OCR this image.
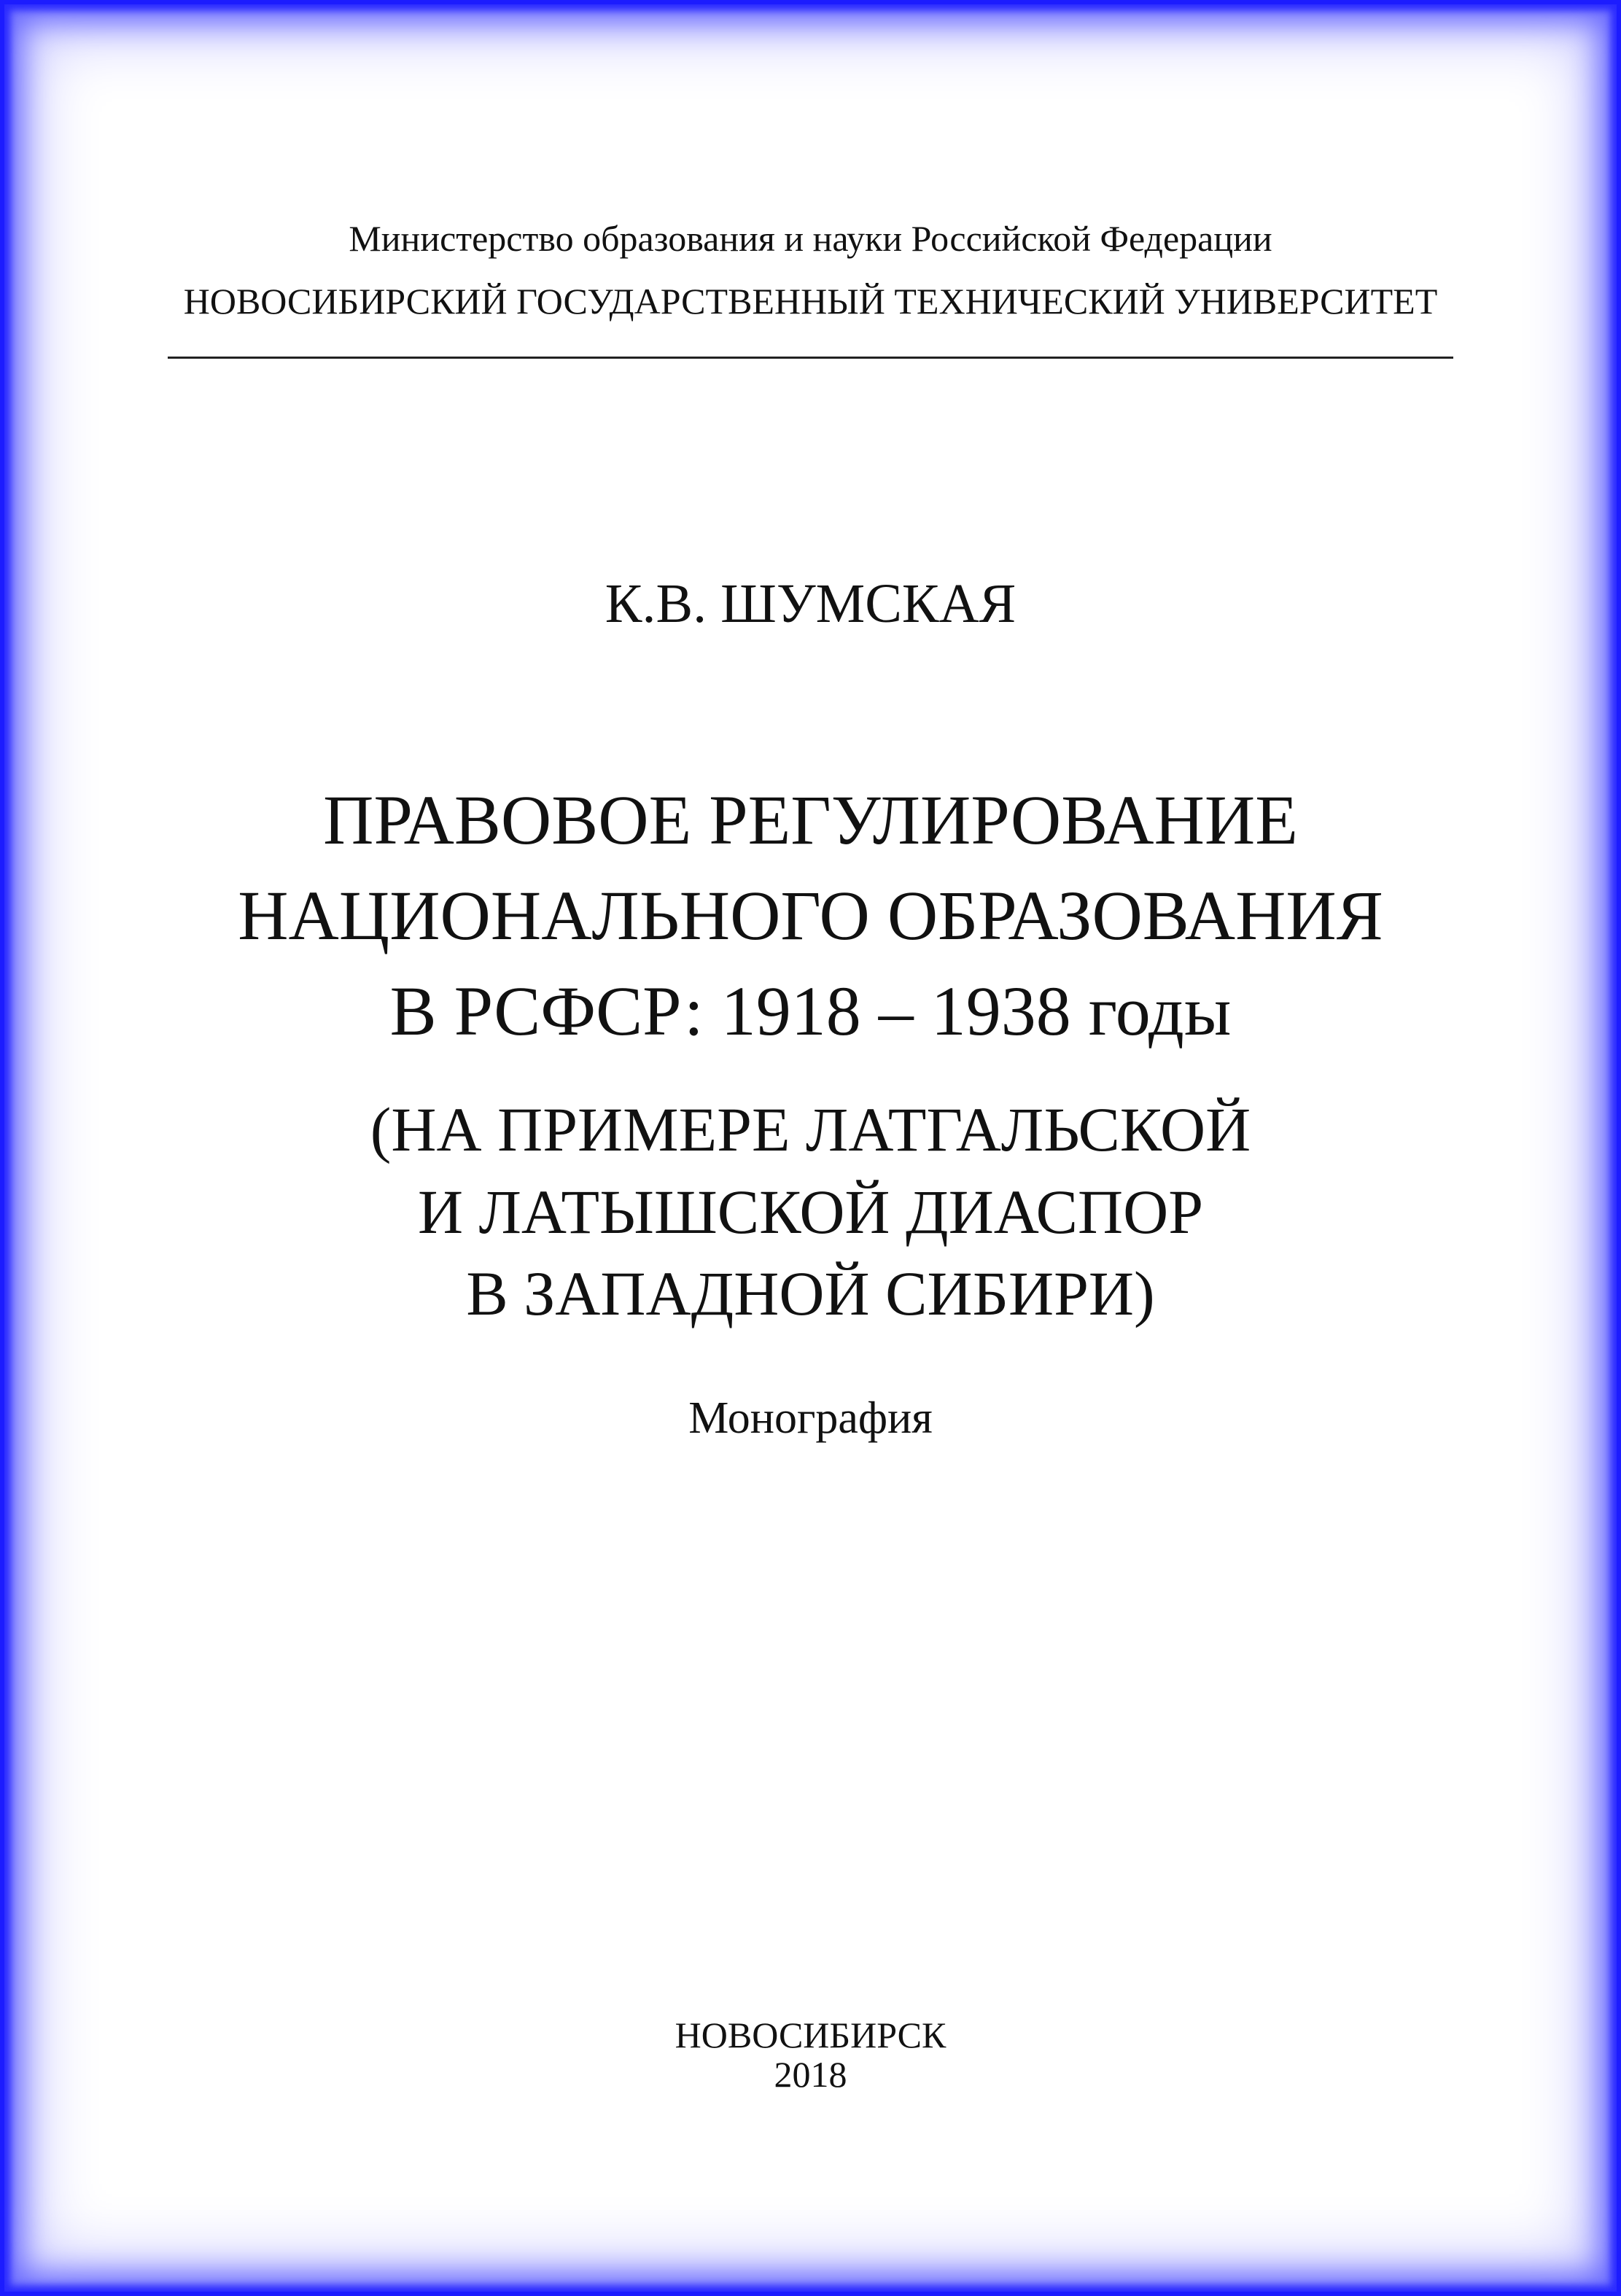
Министерство образования и науки Российской Федерации
НОВОСИБИРСКИЙ ГОСУДАРСТВЕННЫЙ ТЕХНИЧЕСКИЙ УНИВЕРСИТЕТ
К.В. ШУМСКАЯ
ПРАВОВОЕ РЕГУЛИРОВАНИЕ
НАЦИОНАЛЬНОГО ОБРАЗОВАНИЯ
В РСФСР: 1918 – 1938 годы
(НА ПРИМЕРЕ ЛАТГАЛЬСКОЙ
И ЛАТЫШСКОЙ ДИАСПОР
В ЗАПАДНОЙ СИБИРИ)
Монография
НОВОСИБИРСК
2018
